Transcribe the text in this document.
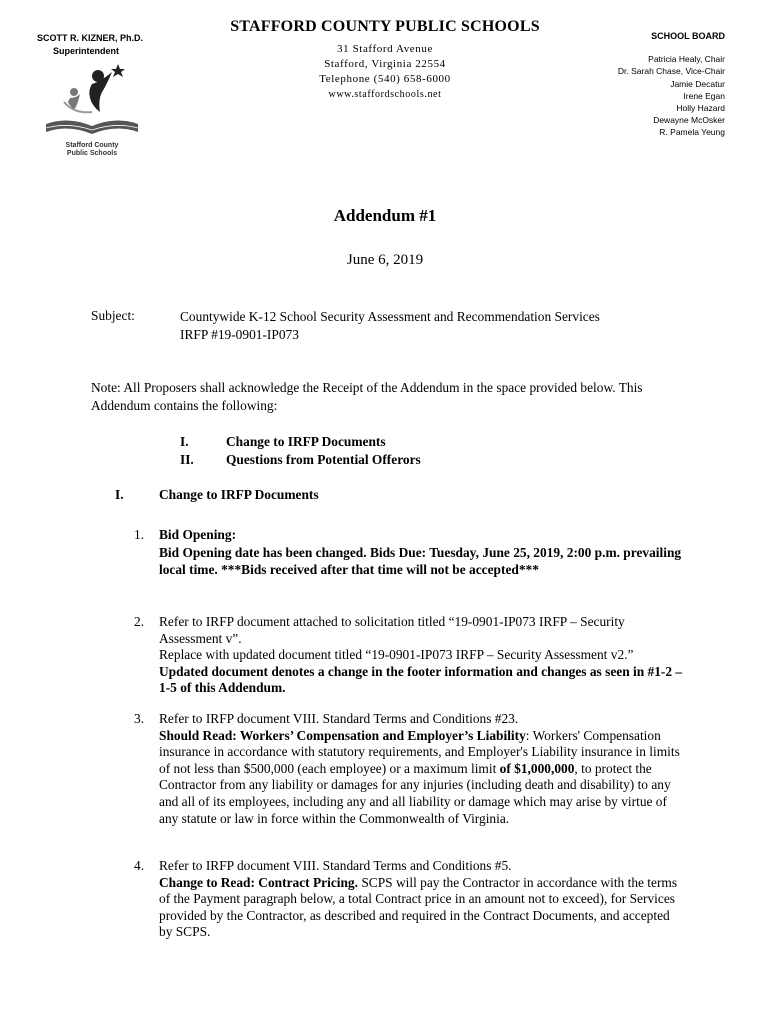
SCOTT R. KIZNER, Ph.D.
Superintendent
Stafford County
Public Schools
STAFFORD COUNTY PUBLIC SCHOOLS
31 Stafford Avenue
Stafford, Virginia 22554
Telephone (540) 658-6000
www.staffordschools.net
SCHOOL BOARD
Patricia Healy, Chair
Dr. Sarah Chase, Vice-Chair
Jamie Decatur
Irene Egan
Holly Hazard
Dewayne McOsker
R. Pamela Yeung
Addendum #1
June 6, 2019
Subject:	Countywide K-12 School Security Assessment and Recommendation Services
IRFP #19-0901-IP073
Note: All Proposers shall acknowledge the Receipt of the Addendum in the space provided below. This Addendum contains the following:
I.	Change to IRFP Documents
II. Questions from Potential Offerors
I.	Change to IRFP Documents
1.	Bid Opening:
Bid Opening date has been changed. Bids Due: Tuesday, June 25, 2019, 2:00 p.m. prevailing local time. ***Bids received after that time will not be accepted***
2.	Refer to IRFP document attached to solicitation titled “19-0901-IP073 IRFP – Security Assessment v”.
Replace with updated document titled “19-0901-IP073 IRFP – Security Assessment v2.”
Updated document denotes a change in the footer information and changes as seen in #1-2 – 1-5 of this Addendum.
3.	Refer to IRFP document VIII. Standard Terms and Conditions #23.
Should Read: Workers’ Compensation and Employer’s Liability: Workers' Compensation insurance in accordance with statutory requirements, and Employer's Liability insurance in limits of not less than $500,000 (each employee) or a maximum limit of $1,000,000, to protect the Contractor from any liability or damages for any injuries (including death and disability) to any and all of its employees, including any and all liability or damage which may arise by virtue of any statute or law in force within the Commonwealth of Virginia.
4.	Refer to IRFP document VIII. Standard Terms and Conditions #5.
Change to Read: Contract Pricing. SCPS will pay the Contractor in accordance with the terms of the Payment paragraph below, a total Contract price in an amount not to exceed), for Services provided by the Contractor, as described and required in the Contract Documents, and accepted by SCPS.
